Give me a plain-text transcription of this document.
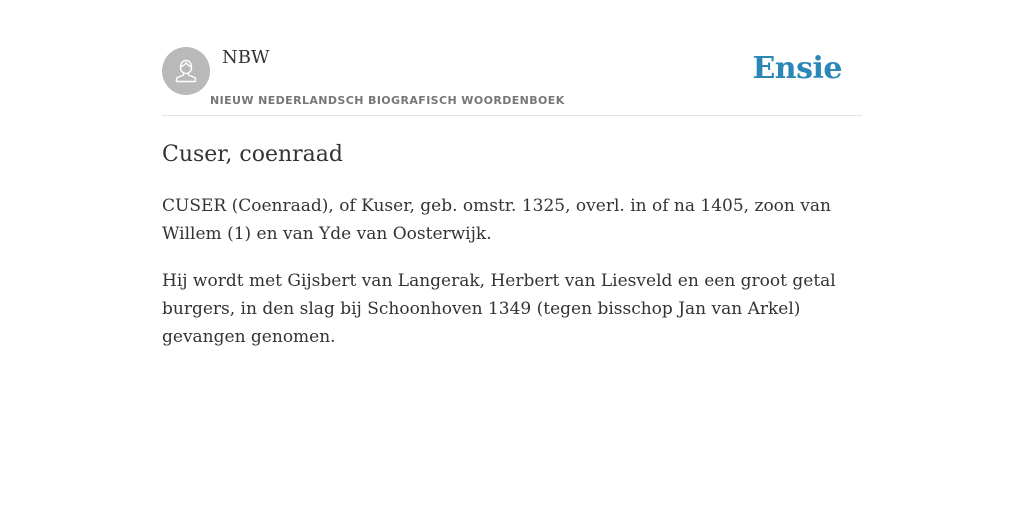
NBW
NIEUW NEDERLANDSCH BIOGRAFISCH WOORDENBOEK
Ensie
Cuser, coenraad

CUSER (Coenraad), of Kuser, geb. omstr. 1325, overl. in of na 1405, zoon van Willem (1) en van Yde van Oosterwijk.

Hij wordt met Gijsbert van Langerak, Herbert van Liesveld en een groot getal burgers, in den slag bij Schoonhoven 1349 (tegen bisschop Jan van Arkel) gevangen genomen.
